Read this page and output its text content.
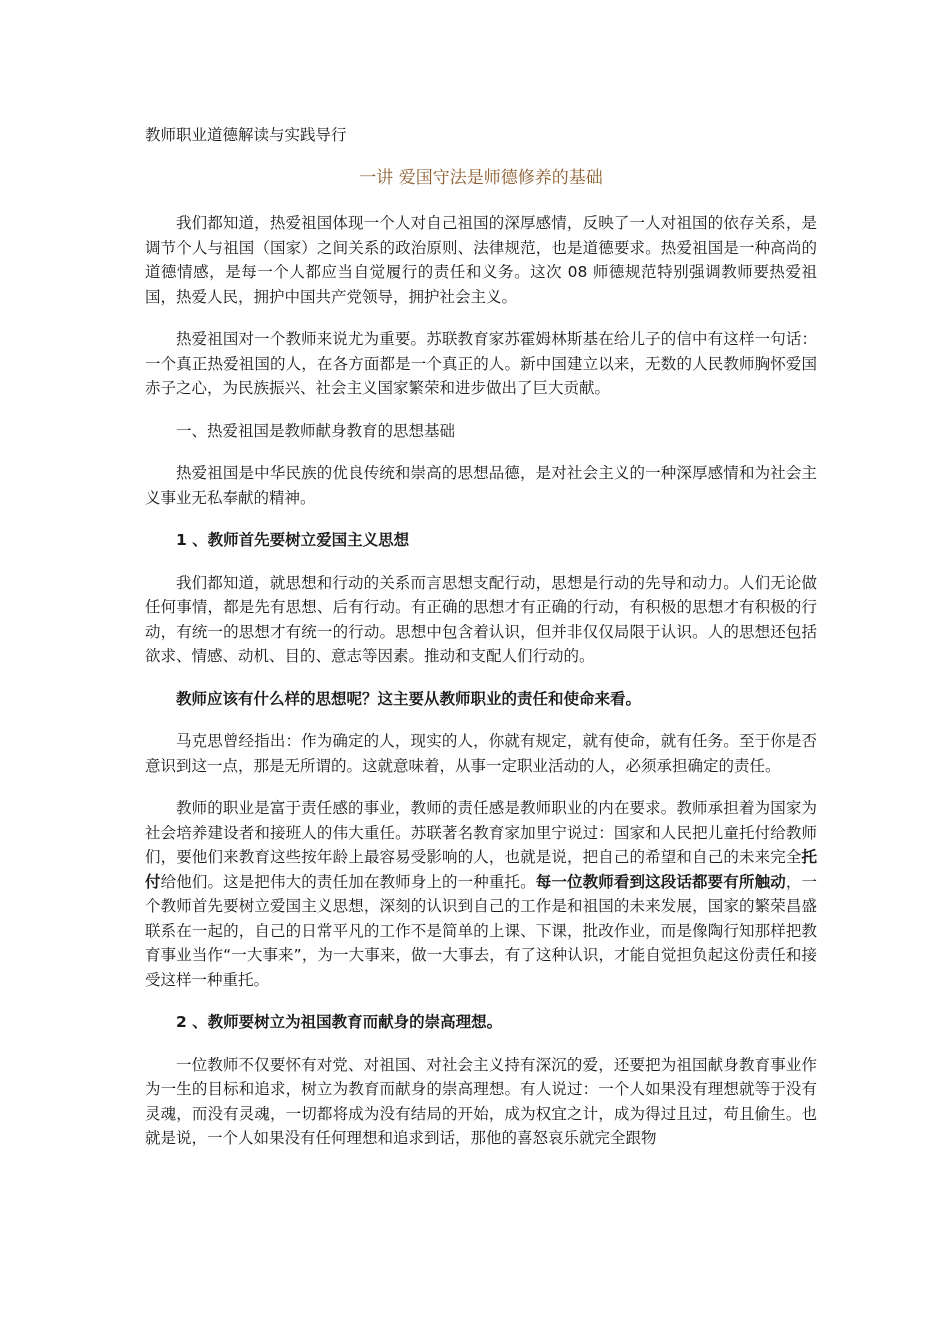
教师职业道德解读与实践导行
一讲 爱国守法是师德修养的基础

我们都知道，热爱祖国体现一个人对自己祖国的深厚感情，反映了一人对祖国的依存关系，是调节个人与祖国（国家）之间关系的政治原则、法律规范，也是道德要求。热爱祖国是一种高尚的道德情感，是每一个人都应当自觉履行的责任和义务。这次 08 师德规范特别强调教师要热爱祖国，热爱人民，拥护中国共产党领导，拥护社会主义。

热爱祖国对一个教师来说尤为重要。苏联教育家苏霍姆林斯基在给儿子的信中有这样一句话：一个真正热爱祖国的人，在各方面都是一个真正的人。新中国建立以来，无数的人民教师胸怀爱国赤子之心，为民族振兴、社会主义国家繁荣和进步做出了巨大贡献。

一、热爱祖国是教师献身教育的思想基础

热爱祖国是中华民族的优良传统和崇高的思想品德，是对社会主义的一种深厚感情和为社会主义事业无私奉献的精神。

1 、教师首先要树立爱国主义思想

我们都知道，就思想和行动的关系而言思想支配行动，思想是行动的先导和动力。人们无论做任何事情，都是先有思想、后有行动。有正确的思想才有正确的行动，有积极的思想才有积极的行动，有统一的思想才有统一的行动。思想中包含着认识，但并非仅仅局限于认识。人的思想还包括欲求、情感、动机、目的、意志等因素。推动和支配人们行动的。

教师应该有什么样的思想呢？这主要从教师职业的责任和使命来看。

马克思曾经指出：作为确定的人，现实的人，你就有规定，就有使命，就有任务。至于你是否意识到这一点，那是无所谓的。这就意味着，从事一定职业活动的人，必须承担确定的责任。

教师的职业是富于责任感的事业，教师的责任感是教师职业的内在要求。教师承担着为国家为社会培养建设者和接班人的伟大重任。苏联著名教育家加里宁说过：国家和人民把儿童托付给教师们，要他们来教育这些按年龄上最容易受影响的人，也就是说，把自己的希望和自己的未来完全托付给他们。这是把伟大的责任加在教师身上的一种重托。每一位教师看到这段话都要有所触动，一个教师首先要树立爱国主义思想，深刻的认识到自己的工作是和祖国的未来发展，国家的繁荣昌盛联系在一起的，自己的日常平凡的工作不是简单的上课、下课，批改作业，而是像陶行知那样把教育事业当作“一大事来”，为一大事来，做一大事去，有了这种认识，才能自觉担负起这份责任和接受这样一种重托。

2 、教师要树立为祖国教育而献身的崇高理想。

一位教师不仅要怀有对党、对祖国、对社会主义持有深沉的爱，还要把为祖国献身教育事业作为一生的目标和追求，树立为教育而献身的崇高理想。有人说过：一个人如果没有理想就等于没有灵魂，而没有灵魂，一切都将成为没有结局的开始，成为权宜之计，成为得过且过，苟且偷生。也就是说，一个人如果没有任何理想和追求到话，那他的喜怒哀乐就完全跟物
